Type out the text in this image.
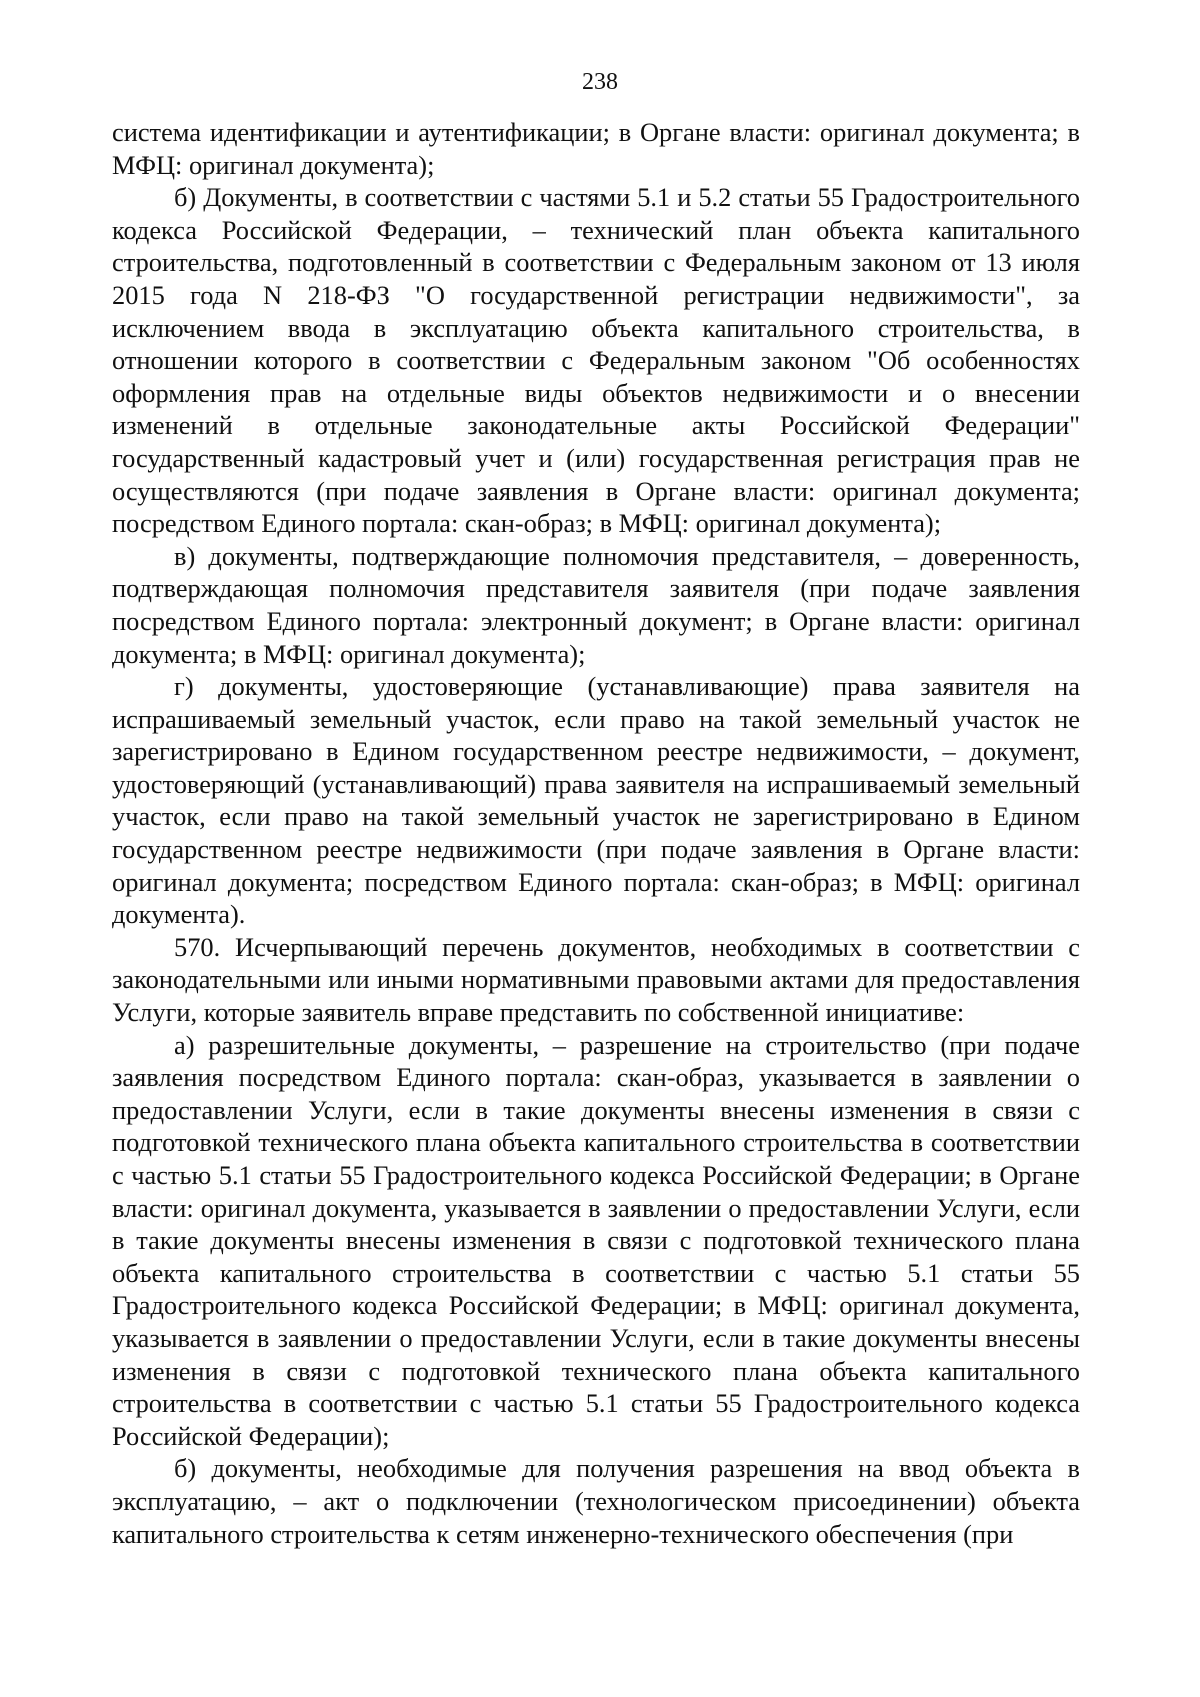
238

система идентификации и аутентификации; в Органе власти: оригинал документа; в МФЦ: оригинал документа);

б) Документы, в соответствии с частями 5.1 и 5.2 статьи 55 Градостроительного кодекса Российской Федерации, – технический план объекта капитального строительства, подготовленный в соответствии с Федеральным законом от 13 июля 2015 года N 218-ФЗ "О государственной регистрации недвижимости", за исключением ввода в эксплуатацию объекта капитального строительства, в отношении которого в соответствии с Федеральным законом "Об особенностях оформления прав на отдельные виды объектов недвижимости и о внесении изменений в отдельные законодательные акты Российской Федерации" государственный кадастровый учет и (или) государственная регистрация прав не осуществляются (при подаче заявления в Органе власти: оригинал документа; посредством Единого портала: скан-образ; в МФЦ: оригинал документа);

в) документы, подтверждающие полномочия представителя, – доверенность, подтверждающая полномочия представителя заявителя (при подаче заявления посредством Единого портала: электронный документ; в Органе власти: оригинал документа; в МФЦ: оригинал документа);

г) документы, удостоверяющие (устанавливающие) права заявителя на испрашиваемый земельный участок, если право на такой земельный участок не зарегистрировано в Едином государственном реестре недвижимости, – документ, удостоверяющий (устанавливающий) права заявителя на испрашиваемый земельный участок, если право на такой земельный участок не зарегистрировано в Едином государственном реестре недвижимости (при подаче заявления в Органе власти: оригинал документа; посредством Единого портала: скан-образ; в МФЦ: оригинал документа).

570. Исчерпывающий перечень документов, необходимых в соответствии с законодательными или иными нормативными правовыми актами для предоставления Услуги, которые заявитель вправе представить по собственной инициативе:

а) разрешительные документы, – разрешение на строительство (при подаче заявления посредством Единого портала: скан-образ, указывается в заявлении о предоставлении Услуги, если в такие документы внесены изменения в связи с подготовкой технического плана объекта капитального строительства в соответствии с частью 5.1 статьи 55 Градостроительного кодекса Российской Федерации; в Органе власти: оригинал документа, указывается в заявлении о предоставлении Услуги, если в такие документы внесены изменения в связи с подготовкой технического плана объекта капитального строительства в соответствии с частью 5.1 статьи 55 Градостроительного кодекса Российской Федерации; в МФЦ: оригинал документа, указывается в заявлении о предоставлении Услуги, если в такие документы внесены изменения в связи с подготовкой технического плана объекта капитального строительства в соответствии с частью 5.1 статьи 55 Градостроительного кодекса Российской Федерации);

б) документы, необходимые для получения разрешения на ввод объекта в эксплуатацию, – акт о подключении (технологическом присоединении) объекта капитального строительства к сетям инженерно-технического обеспечения (при
